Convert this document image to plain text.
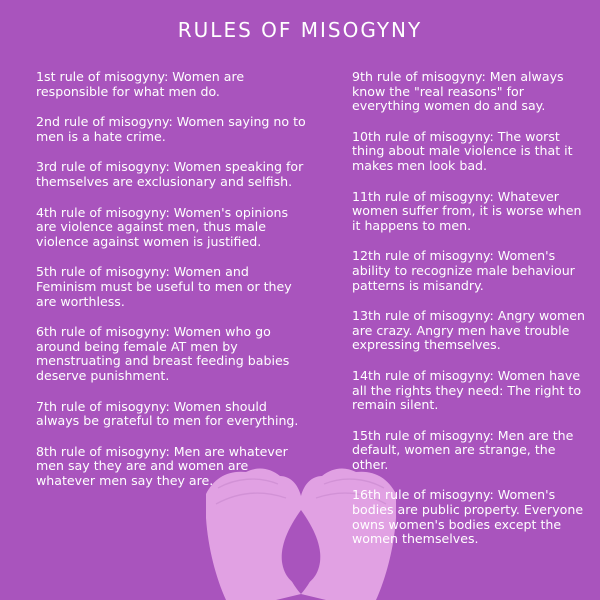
RULES OF MISOGYNY

1st rule of misogyny: Women are responsible for what men do.

2nd rule of misogyny: Women saying no to men is a hate crime.

3rd rule of misogyny: Women speaking for themselves are exclusionary and selfish.

4th rule of misogyny: Women's opinions are violence against men, thus male violence against women is justified.

5th rule of misogyny: Women and Feminism must be useful to men or they are worthless.

6th rule of misogyny: Women who go around being female AT men by menstruating and breast feeding babies deserve punishment.

7th rule of misogyny: Women should always be grateful to men for everything.

8th rule of misogyny: Men are whatever men say they are and women are whatever men say they are.

9th rule of misogyny: Men always know the "real reasons" for everything women do and say.

10th rule of misogyny: The worst thing about male violence is that it makes men look bad.

11th rule of misogyny: Whatever women suffer from, it is worse when it happens to men.

12th rule of misogyny: Women's ability to recognize male behaviour patterns is misandry.

13th rule of misogyny: Angry women are crazy. Angry men have trouble expressing themselves.

14th rule of misogyny: Women have all the rights they need: The right to remain silent.

15th rule of misogyny: Men are the default, women are strange, the other.

16th rule of misogyny: Women's bodies are public property. Everyone owns women's bodies except the women themselves.
